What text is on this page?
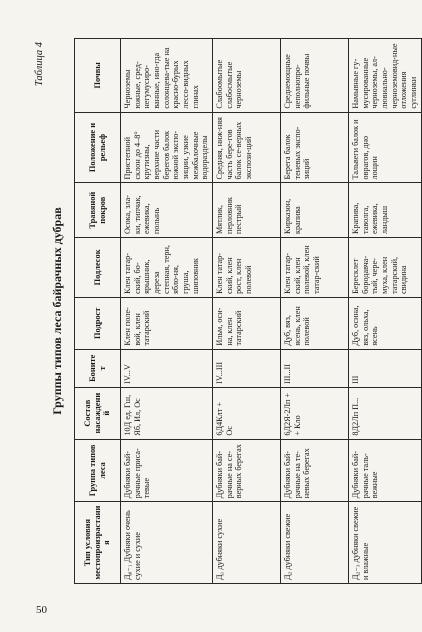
Таблица 4
Группы типов леса байрачных дубрав
Тип условия местопроизрастания	Группа типов леса	Состав насаждений	Бонитет	Подрост	Подлесок	Травяной покров	Положение и рельеф	Почвы
Д₀₋₁ Дубняки очень сухие и сухие	Дубняки бай-рачные приса-тевые	10Д ед. Гш, Яб, Ил, Ос	IV...V	Клен поле-вой, клен татарский	Клен татар-ский, бо-ярышник, дереза степная, терн, ябло-ня, груша, шиповник	Осока, зла-ки, типчак, ежевика, полынь	Пристепной склон до 4–8° крутизны, верхние части берегов балок южной экспо-зиции, узкие межбалочные водоразделы	Черноземы южные, сред-негумусиро-ванные, ино-гда солонцева-тые на красно-бурых лессо-видных глинах
Д₁ дубняки сухие	Дубняки бай-рачные на се-верных берегах	6Д4Клт + Ос	IV...III	Ильм, оси-на, клен татарский	Клен татар-ский, клен рост, клен полевой	Мятлик, перловник пестрый	Средняя, ниж-няя часть бере-гов балок се-верных экспози-ций	Слабоомытые слабосмытые черноземы
Д₂ дубняки свежие	Дубняки бай-рачные на те-невых берегах	6Д2Я-2Лп + + Кло	III...II	Дуб, вяз, ясень, клен полевой	Клен татар-ский, клен полевой, клен татар-ский	Кирказон, крапива	Берега балок теневых экспо-зиций	Среднемощные неполнопро-фильные почвы
Д₂₋₃ дубняки свежие и влажные	Дубняки бай-рачные таль-вежные	8Д2Лп П...	III	Дуб, осина, вяз, ольха, ясень	Бересклет бородавча-тый, чере-муха, клен татарский, свидина	Крапива, таволга, ежевика, ландыш	Тальвеги балок и оврагов, дно лощин	Намывные гу-мусированные черноземы, ал-лювиально-черноземовид-ные отложения суглинки
50
